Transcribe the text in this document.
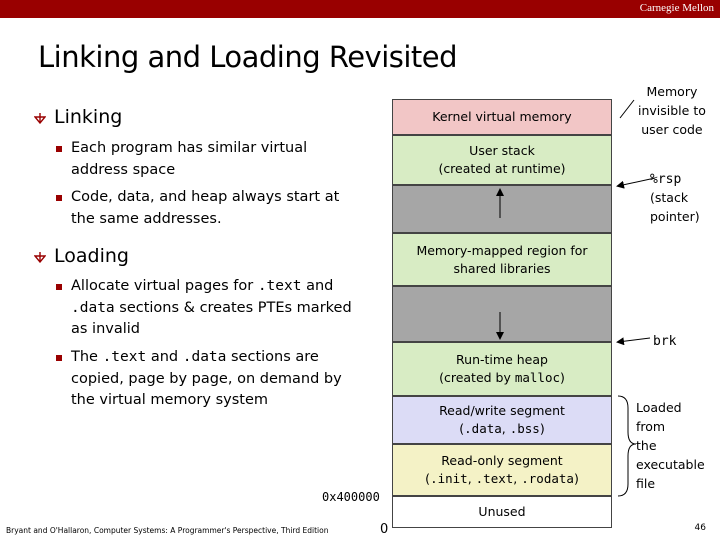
Carnegie Mellon
Linking and Loading Revisited
Linking
Each program has similar virtual address space
Code, data, and heap always start at the same addresses.
Loading
Allocate virtual pages for .text and .data sections & creates PTEs marked as invalid
The .text and .data sections are copied, page by page, on demand by the virtual memory system
Kernel virtual memory
User stack
(created at runtime)
Memory-mapped region for
shared libraries
Run-time heap
(created by malloc)
Read/write segment
(.data, .bss)
Read-only segment
(.init, .text, .rodata)
Unused
Memory
invisible to
user code
%rsp
(stack
pointer)
brk
Loaded
from
the
executable
file
0x400000
0
Bryant and O'Hallaron, Computer Systems: A Programmer's Perspective, Third Edition	46
